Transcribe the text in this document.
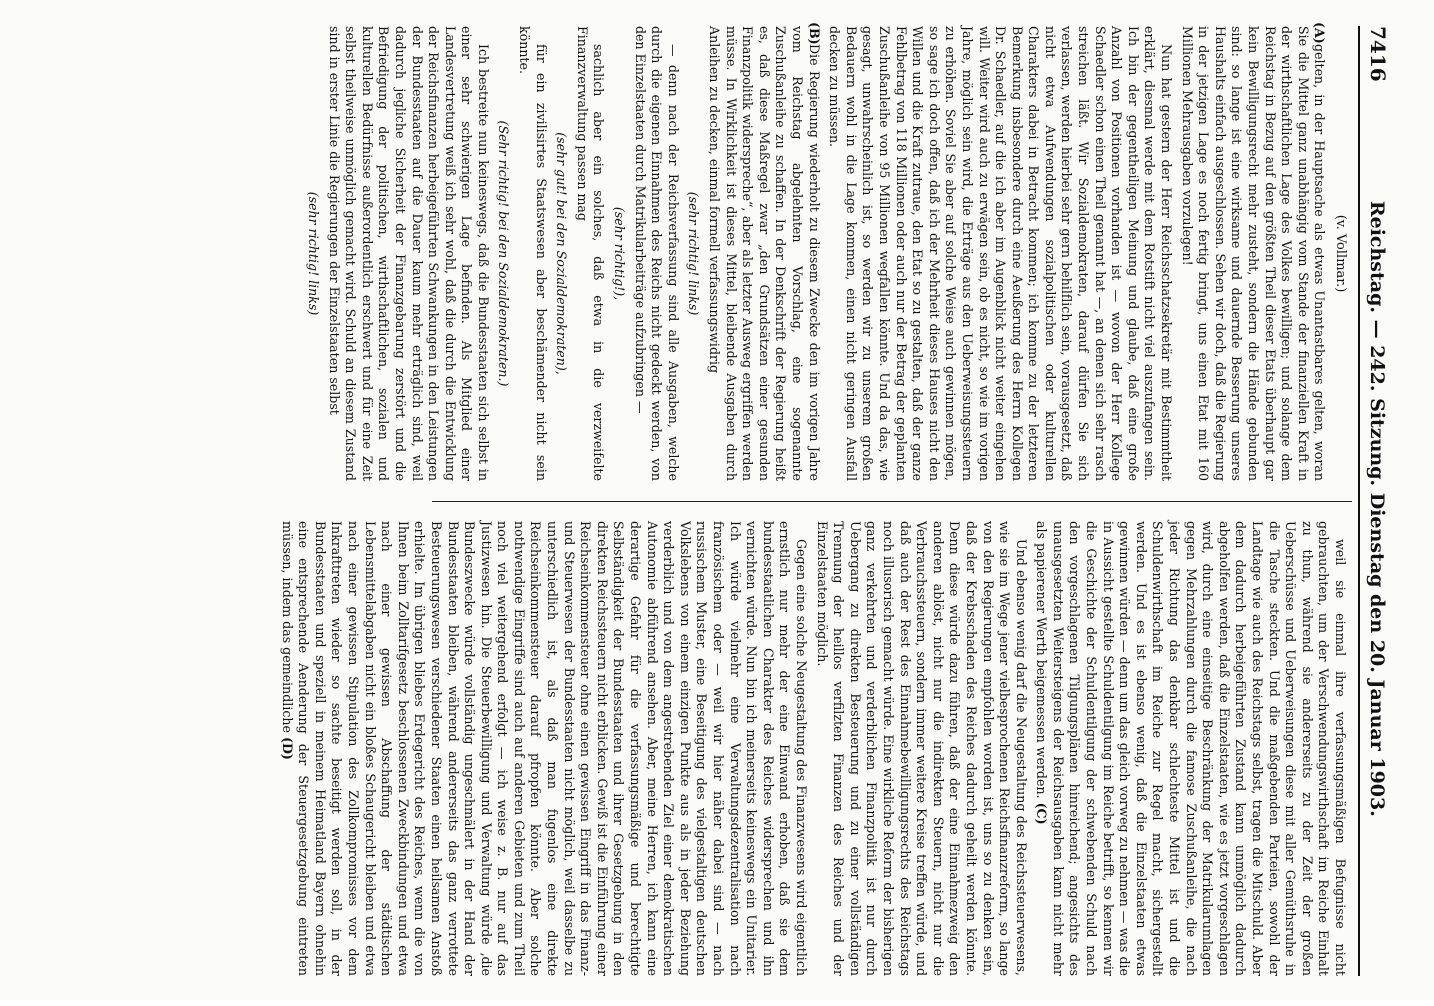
7416
Reichstag. — 242. Sitzung. Dienstag den 20. Januar 1903.
(v. Vollmar.)

(A)gelten, in der Hauptsache als etwas Unantastbares gelten, woran Sie die Mittel ganz unabhängig vom Stande der finanziellen Kraft in der wirthschaftlichen Lage des Volkes bewilligen; und solange dem Reichstag in Bezug auf den größten Theil dieser Etats überhaupt gar kein Bewilligungsrecht mehr zusteht, sondern die Hände gebunden sind: so lange ist eine wirksame und dauernde Besserung unseres Haushalts einfach ausgeschlossen. Sehen wir doch, daß die Regierung in der jetzigen Lage es noch fertig bringt, uns einen Etat mit 160 Millionen Mehrausgaben vorzulegen!

Nun hat gestern der Herr Reichsschatzsekretär mit Bestimmtheit erklärt, diesmal werde mit dem Rotstift nicht viel auszufangen sein. Ich bin der gegentheiligen Meinung und glaube, daß eine große Anzahl von Positionen vorhanden ist — wovon der Herr Kollege Schaedler schon einen Theil genannt hat —, an denen sich sehr rasch streichen läßt. Wir Sozialdemokraten, darauf dürfen Sie sich verlassen, werden hierbei sehr gern behilflich sein, vorausgesetzt, daß nicht etwa Aufwendungen sozialpolitischen oder kulturellen Charakters dabei in Betracht kommen; ich komme zu der letzteren Bemerkung insbesondere durch eine Aeußerung des Herrn Kollegen Dr. Schaedler, auf die ich aber im Augenblick nicht weiter eingehen will. Weiter wird auch zu erwägen sein, ob es nicht, so wie im vorigen Jahre, möglich sein wird, die Erträge aus den Ueberweisungssteuern zu erhöhen. Soviel Sie aber auf solche Weise auch gewinnen mögen, so sage ich doch offen, daß ich der Mehrheit dieses Hauses nicht den Willen und die Kraft zutraue, den Etat so zu gestalten, daß der ganze Fehlbetrag von 118 Millionen oder auch nur der Betrag der geplanten Zuschußanleihe von 95 Millionen wegfallen könnte. Und da das, wie gesagt, unwahrscheinlich ist, so werden wir zu unserem großen Bedauern wohl in die Lage kommen, einen nicht geringen Ausfall decken zu müssen.

(B)Die Regierung wiederholt zu diesem Zwecke den im vorigen Jahre vom Reichstag abgelehnten Vorschlag, eine sogenannte Zuschußanleihe zu schaffen. In der Denkschrift der Regierung heißt es, daß diese Maßregel zwar „den Grundsätzen einer gesunden Finanzpolitik widerspreche“, aber als letzter Ausweg ergriffen werden müsse. In Wirklichkeit ist dieses Mittel, bleibende Ausgaben durch Anleihen zu decken, einmal formell verfassungswidrig

(sehr richtig! links)

— denn nach der Reichsverfassung sind alle Ausgaben, welche durch die eigenen Einnahmen des Reichs nicht gedeckt werden, von den Einzelstaaten durch Matrikularbeiträge aufzubringen —

(sehr richtig!),

sachlich aber ein solches, daß etwa in die verzweifelte Finanzverwaltung passen mag

(sehr gut! bei den Sozialdemokraten),

für ein zivilisirtes Staatswesen aber beschämender nicht sein könnte.

(Sehr richtig! bei den Sozialdemokraten.)

Ich bestreite nun keineswegs, daß die Bundesstaaten sich selbst in einer sehr schwierigen Lage befinden. Als Mitglied einer Landesvertretung weiß ich sehr wohl, daß die durch die Entwicklung der Reichsfinanzen herbeigeführten Schwankungen in den Leistungen der Bundesstaaten auf die Dauer kaum mehr erträglich sind, weil dadurch jegliche Sicherheit der Finanzgebarung zerstört und die Befriedigung der politischen, wirthschaftlichen, sozialen und kulturellen Bedürfnisse außerordentlich erschwert und für eine Zeit selbst theilweise unmöglich gemacht wird. Schuld an diesem Zustand sind in erster Linie die Regierungen der Einzelstaaten selbst

(sehr richtig! links)

weil sie einmal ihre verfassungsmäßigen Befugnisse nicht gebrauchten, um der Verschwendungswirthschaft im Reiche Einhalt zu thun, während sie andererseits zu der Zeit der großen Ueberschüsse und Ueberweisungen diese mit aller Gemüthsruhe in die Tasche steckten. Und die maßgebenden Parteien, sowohl der Landtage wie auch des Reichstags selbst, tragen die Mitschuld. Aber dem dadurch herbeigeführten Zustand kann unmöglich dadurch abgeholfen werden, daß die Einzelstaaten, wie es jetzt vorgeschlagen wird, durch eine einseitige Beschränkung der Matrikularumlagen gegen Mehrzahlungen durch die famose Zuschußanleihe, die nach jeder Richtung das denkbar schlechteste Mittel ist und die Schuldenwirthschaft im Reiche zur Regel macht, sichergestellt werden. Und es ist ebenso wenig, daß die Einzelstaaten etwas gewinnen würden — denn um das gleich vorweg zu nehmen — was die in Aussicht gestellte Schuldentilgung im Reiche betrifft, so kennen wir die Geschichte der Schuldentilgung der schwebenden Schuld nach den vorgeschlagenen Tilgungsplänen hinreichend; angesichts des unausgesetzten Weitersteigens der Reichsausgaben kann nicht mehr als papierener Werth beigemessen werden. (C)

Und ebenso wenig darf die Neugestaltung des Reichssteuerwesens, wie sie im Wege jener vielbesprochenen Reichsfinanzreform, so lange von den Regierungen empfohlen worden ist, uns so zu denken sein, daß der Krebsschaden des Reiches dadurch geheilt werden könnte. Denn diese würde dazu führen, daß der eine Einnahmezweig den anderen ablöst, nicht nur die indirekten Steuern, nicht nur die Verbrauchssteuern, sondern immer weitere Kreise treffen würde, und daß auch der Rest des Einnahmebewilligungsrechts des Reichstags noch illusorisch gemacht würde. Eine wirkliche Reform der bisherigen ganz verkehrten und verderblichen Finanzpolitik ist nur durch Uebergang zu direkten Besteuerung und zu einer vollständigen Trennung der heillos verfilzten Finanzen des Reiches und der Einzelstaaten möglich.

Gegen eine solche Neugestaltung des Finanzwesens wird eigentlich ernstlich nur mehr der eine Einwand erhoben, daß sie dem bundesstaatlichen Charakter des Reiches widersprechen und ihn vernichten würde. Nun bin ich meinerseits keineswegs ein Unitarier. Ich würde vielmehr eine Verwaltungsdezentralisation nach französischem oder — weil wir hier näher dabei sind — nach russischem Muster, eine Beseitigung des vielgestaltigen deutschen Volkslebens von einem einzigen Punkte aus als in jeder Beziehung verderblich und von dem angestrebenden Ziel einer demokratischen Autonomie abführend ansehen. Aber, meine Herren, ich kann eine derartige Gefahr für die verfassungsmäßige und berechtigte Selbständigkeit der Bundesstaaten und ihrer Gesetzgebung in den direkten Reichssteuern nicht erblicken. Gewiß ist die Einführung einer Reichseinkommensteuer ohne einen gewissen Eingriff in das Finanz- und Steuerwesen der Bundesstaaten nicht möglich, weil dasselbe zu unterschiedlich ist, als daß man fugenlos eine direkte Reichseinkommensteuer darauf pfropfen könnte. Aber solche nothwendige Eingriffe sind auch auf anderen Gebieten und zum Theil noch viel weitergehend erfolgt — ich weise z. B. nur auf das Justizwesen hin. Die Steuerbewilligung und Verwaltung würde ‚die Bundeszwecke würde vollständig ungeschmälert in der Hand der Bundesstaaten bleiben, während andererseits das ganz verrottete Besteuerungswesen verschiedener Staaten einen heilsamen Anstoß erhielte. Im übrigen bliebes Erdegericht des Reiches, wenn die von Ihnen beim Zolltarifgesetz beschlossenen Zweckbindungen und etwa nach einer gewissen Abschaffung der städtischen Lebensmittelabgaben nicht ein bloßes Schaugericht bleiben und etwa nach einer gewissen Stipulation des Zollkompromisses vor dem Inkrafttreten wieder so sachte beseitigt werden soll, in der Bundesstaaten und speziell in meinem Heimatland Bayern ohnehin eine entsprechende Aenderung der Steuergesetzgebung eintreten müssen, indem das gemeindliche (D)
